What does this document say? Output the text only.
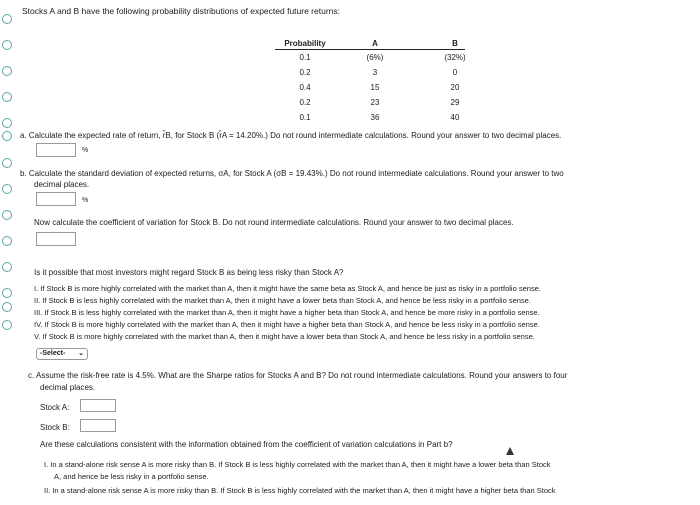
Stocks A and B have the following probability distributions of expected future returns:
Probability	A	B
0.1	(6%)	(32%)
0.2	3	0
0.4	15	20
0.2	23	29
0.1	36	40
a. Calculate the expected rate of return, r̂B, for Stock B (r̂A = 14.20%.) Do not round intermediate calculations. Round your answer to two decimal places.
%
b. Calculate the standard deviation of expected returns, σA, for Stock A (σB = 19.43%.) Do not round intermediate calculations. Round your answer to two
decimal places.
%
Now calculate the coefficient of variation for Stock B. Do not round intermediate calculations. Round your answer to two decimal places.
Is it possible that most investors might regard Stock B as being less risky than Stock A?
I. If Stock B is more highly correlated with the market than A, then it might have the same beta as Stock A, and hence be just as risky in a portfolio sense.
II. If Stock B is less highly correlated with the market than A, then it might have a lower beta than Stock A, and hence be less risky in a portfolio sense.
III. If Stock B is less highly correlated with the market than A, then it might have a higher beta than Stock A, and hence be more risky in a portfolio sense.
IV. If Stock B is more highly correlated with the market than A, then it might have a higher beta than Stock A, and hence be less risky in a portfolio sense.
V. If Stock B is more highly correlated with the market than A, then it might have a lower beta than Stock A, and hence be less risky in a portfolio sense.
-Select- ⌄
c. Assume the risk-free rate is 4.5%. What are the Sharpe ratios for Stocks A and B? Do not round intermediate calculations. Round your answers to four
decimal places.
Stock A:
Stock B:
Are these calculations consistent with the information obtained from the coefficient of variation calculations in Part b?
I. In a stand-alone risk sense A is more risky than B. If Stock B is less highly correlated with the market than A, then it might have a lower beta than Stock
A, and hence be less risky in a portfolio sense.
II. In a stand-alone risk sense A is more risky than B. If Stock B is less highly correlated with the market than A, then it might have a higher beta than Stock
